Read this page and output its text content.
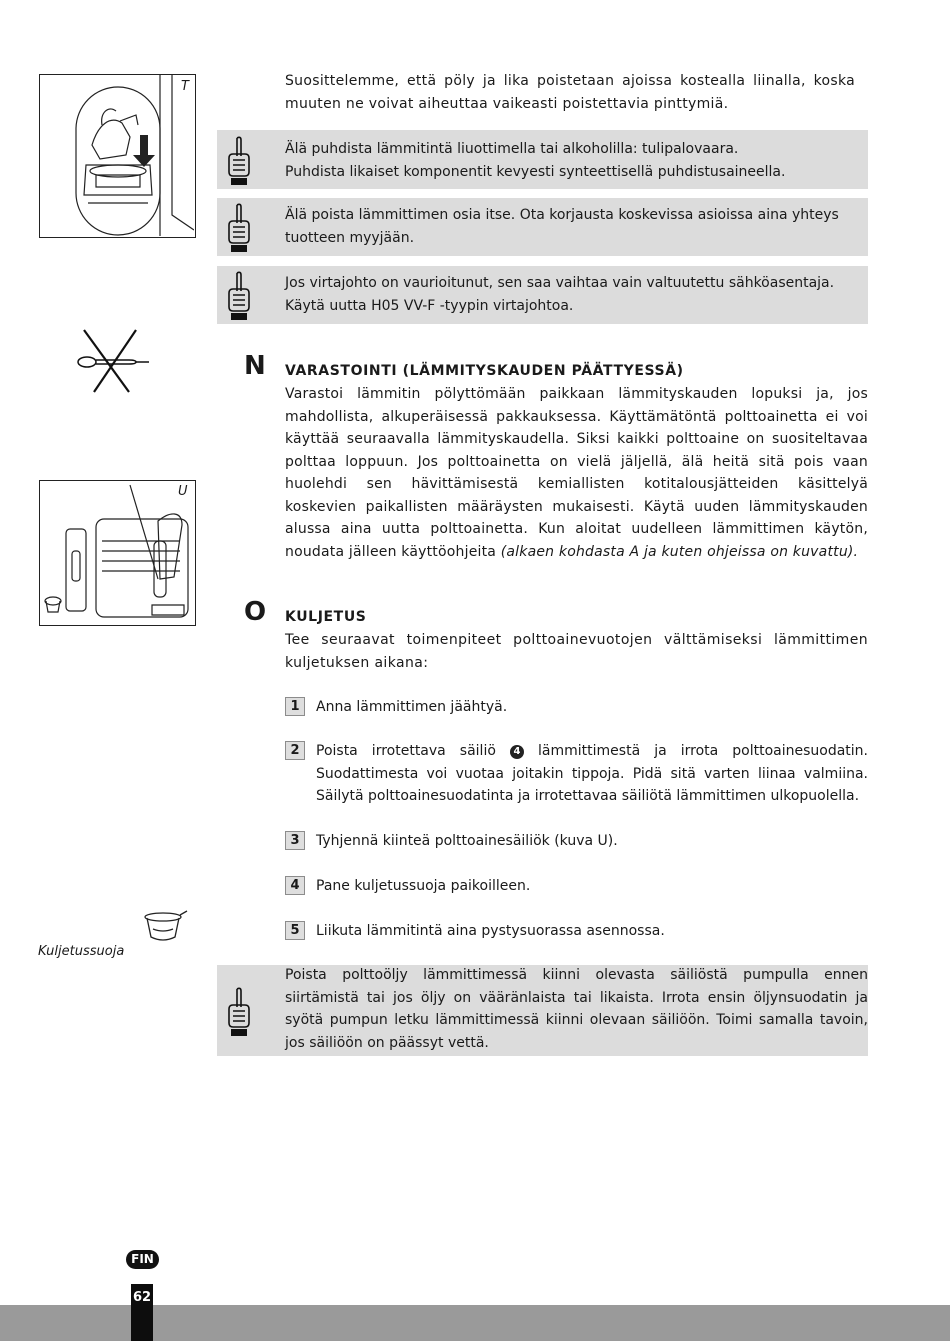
T
U
Kuljetussuoja

Suosittelemme, että pöly ja lika poistetaan ajoissa kostealla liinalla, koska muuten ne voivat aiheuttaa vaikeasti poistettavia pinttymiä.

Älä puhdista lämmitintä liuottimella tai alkoholilla: tulipalovaara.

Puhdista likaiset komponentit kevyesti synteettisellä puhdistusaineella.

Älä poista lämmittimen osia itse. Ota korjausta koskevissa asioissa aina yhteys

tuotteen myyjään.

Jos virtajohto on vaurioitunut, sen saa vaihtaa vain valtuutettu sähköasentaja.

Käytä uutta H05 VV-F -tyypin virtajohtoa.

N VARASTOINTI (LÄMMITYSKAUDEN PÄÄTTYESSÄ)

Varastoi lämmitin pölyttömään paikkaan lämmityskauden lopuksi ja, jos mahdollista, alkuperäisessä pakkauksessa. Käyttämätöntä polttoainetta ei voi käyttää seuraavalla lämmityskaudella. Siksi kaikki polttoaine on suositeltavaa polttaa loppuun. Jos polttoainetta on vielä jäljellä, älä heitä sitä pois vaan huolehdi sen hävittämisestä kemiallisten kotitalousjätteiden käsittelyä koskevien paikallisten määräysten mukaisesti. Käytä uuden lämmityskauden alussa aina uutta polttoainetta. Kun aloitat uudelleen lämmittimen käytön, noudata jälleen käyttöohjeita (alkaen kohdasta A ja kuten ohjeissa on kuvattu).

O KULJETUS

Tee seuraavat toimenpiteet polttoainevuotojen välttämiseksi lämmittimen kuljetuksen aikana:

1	Anna lämmittimen jäähtyä.

2	Poista irrotettava säiliö 4 lämmittimestä ja irrota polttoainesuodatin. Suodattimesta voi vuotaa joitakin tippoja. Pidä sitä varten liinaa valmiina. Säilytä polttoainesuodatinta ja irrotettavaa säiliötä lämmittimen ulkopuolella.

3	Tyhjennä kiinteä polttoainesäiliök (kuva U).

4	Pane kuljetussuoja paikoilleen.

5	Liikuta lämmitintä aina pystysuorassa asennossa.

Poista polttoöljy lämmittimessä kiinni olevasta säiliöstä pumpulla ennen siirtämistä tai jos öljy on vääränlaista tai likaista. Irrota ensin öljynsuodatin ja syötä pumpun letku lämmittimessä kiinni olevaan säiliöön. Toimi samalla tavoin, jos säiliöön on päässyt vettä.

62
FIN
